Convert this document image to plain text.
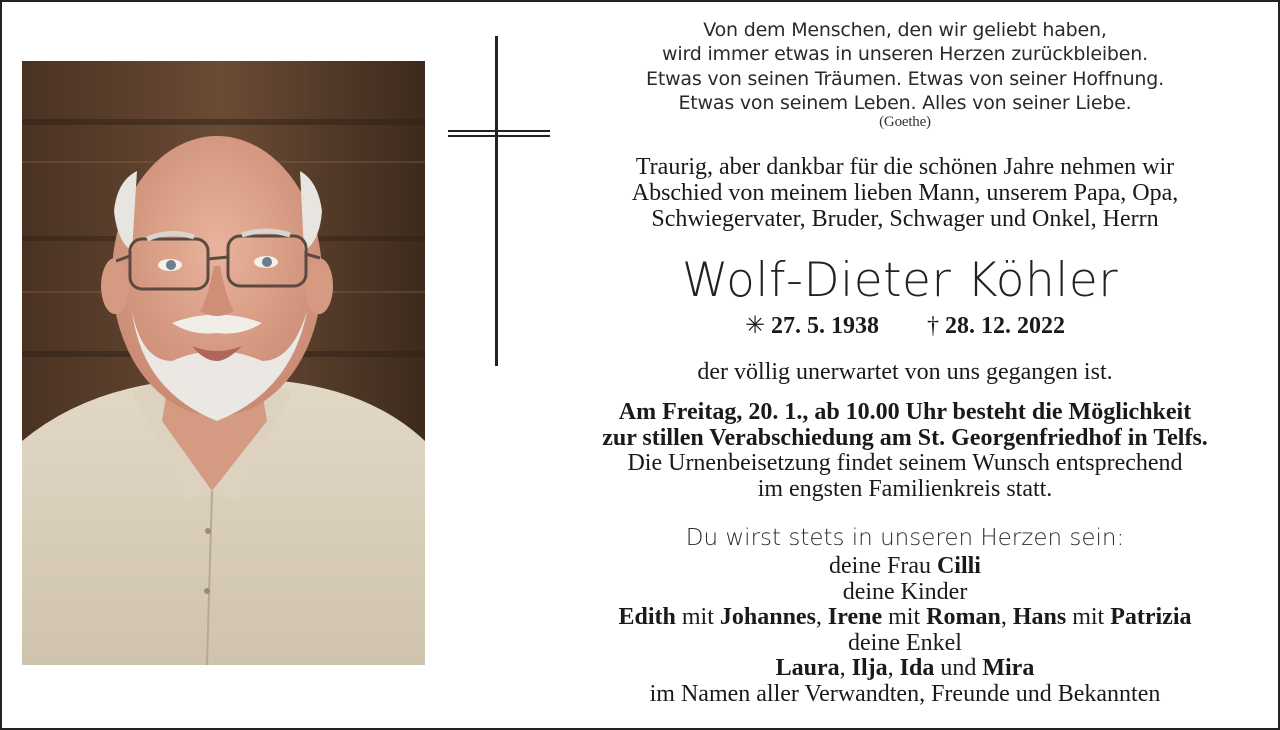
Von dem Menschen, den wir geliebt haben,
wird immer etwas in unseren Herzen zurückbleiben.
Etwas von seinen Träumen. Etwas von seiner Hoffnung.
Etwas von seinem Leben. Alles von seiner Liebe.
(Goethe)
Traurig, aber dankbar für die schönen Jahre nehmen wir
Abschied von meinem lieben Mann, unserem Papa, Opa,
Schwiegervater, Bruder, Schwager und Onkel, Herrn
Wolf-Dieter Köhler
✳ 27. 5. 1938 † 28. 12. 2022
der völlig unerwartet von uns gegangen ist.
Am Freitag, 20. 1., ab 10.00 Uhr besteht die Möglichkeit
zur stillen Verabschiedung am St. Georgenfriedhof in Telfs.
Die Urnenbeisetzung findet seinem Wunsch entsprechend
im engsten Familienkreis statt.
Du wirst stets in unseren Herzen sein:
deine Frau Cilli
deine Kinder
Edith mit Johannes, Irene mit Roman, Hans mit Patrizia
deine Enkel
Laura, Ilja, Ida und Mira
im Namen aller Verwandten, Freunde und Bekannten
